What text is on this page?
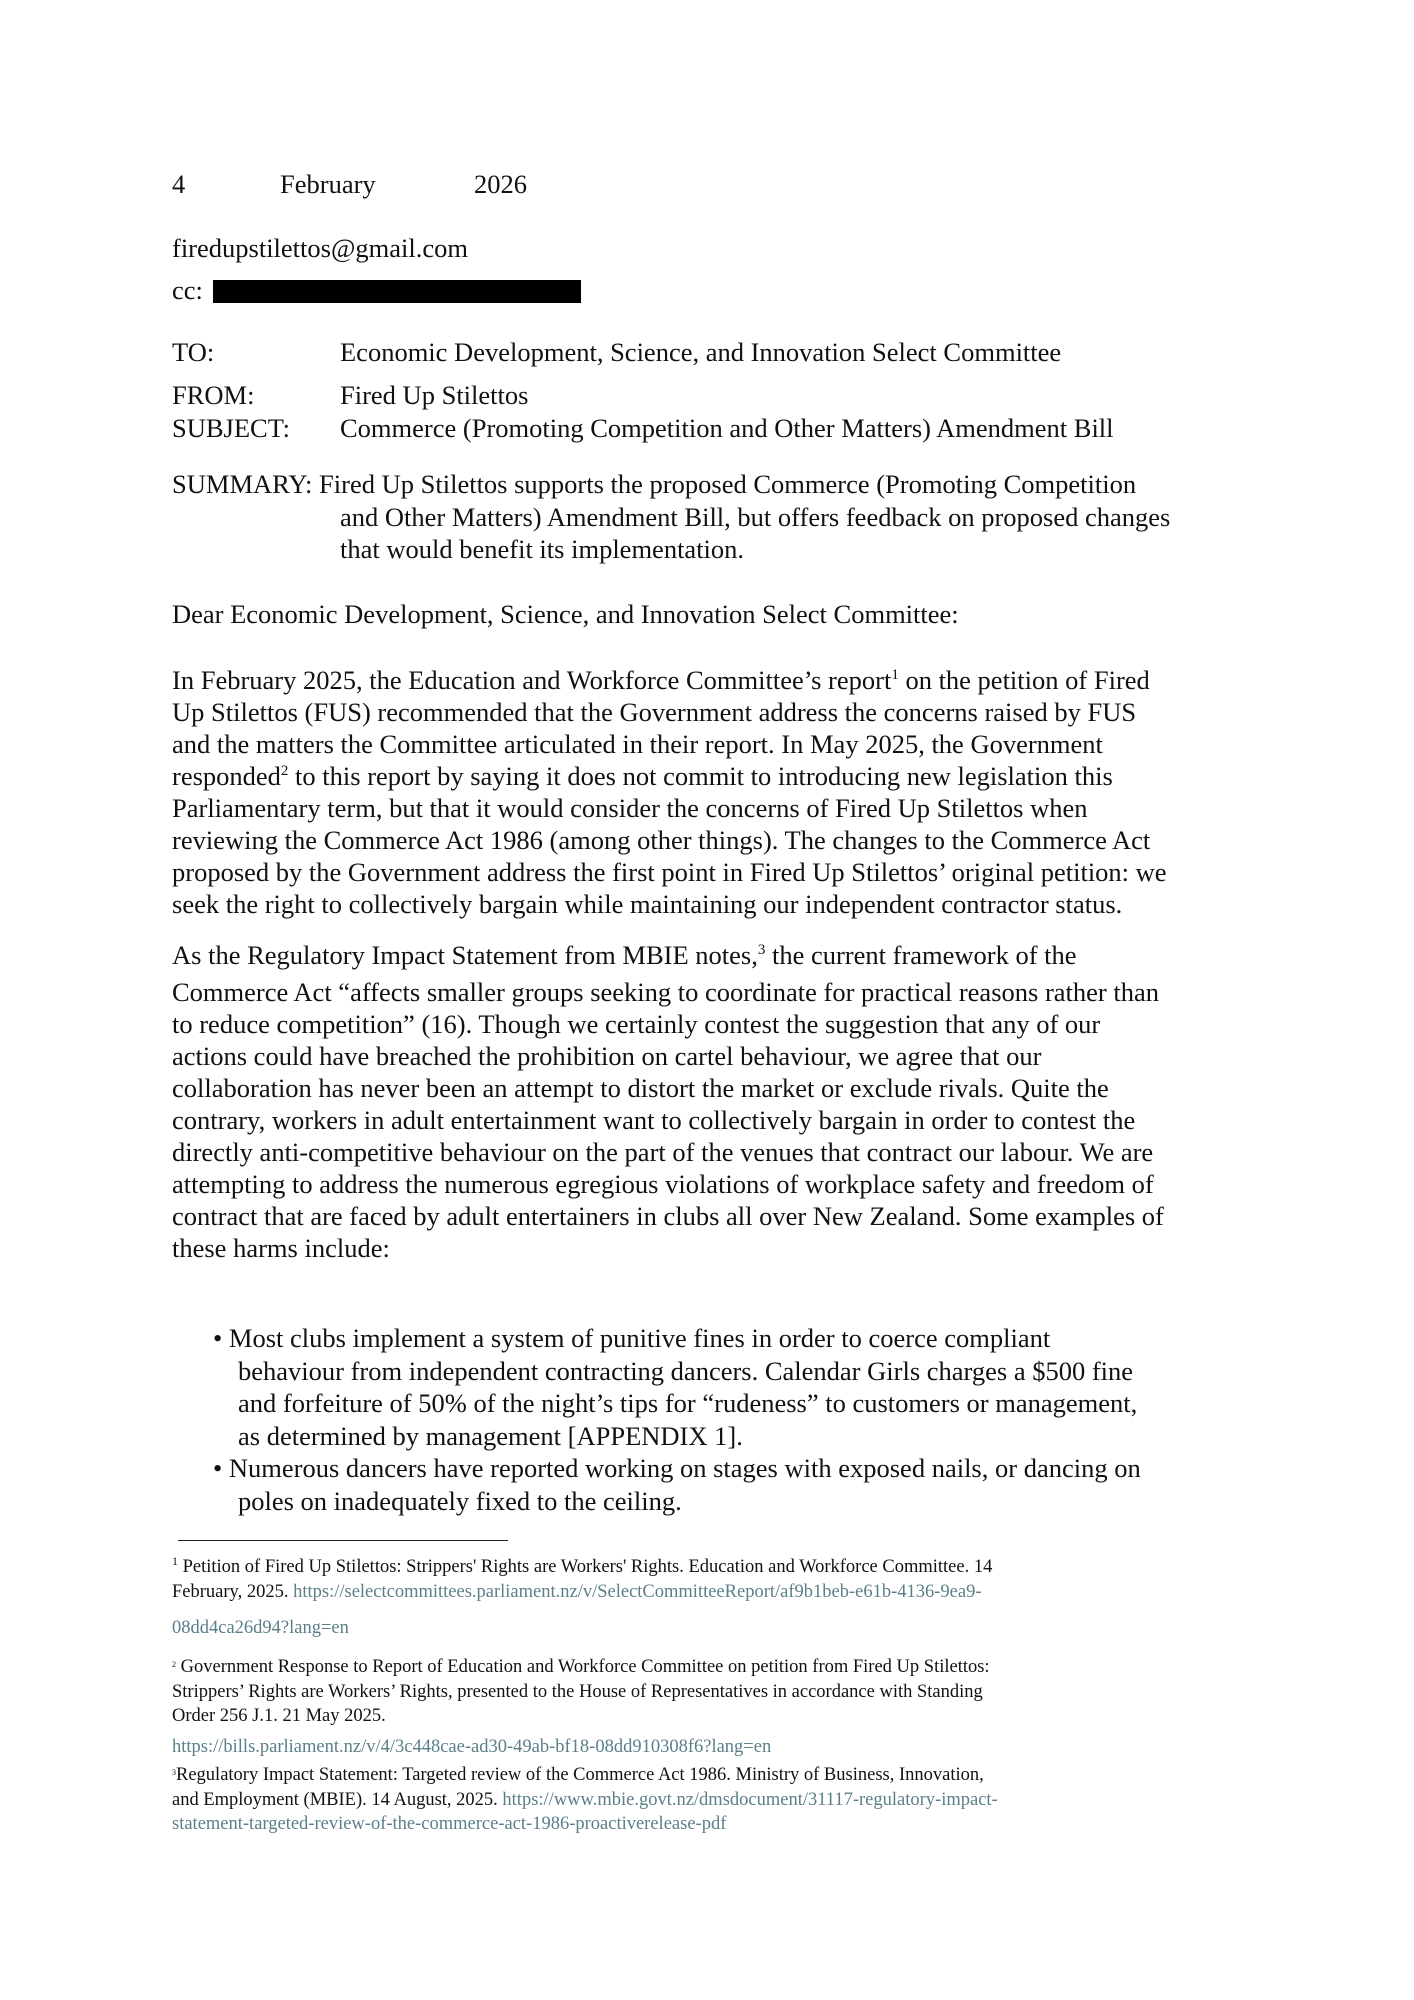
4	February	2026
firedupstilettos@gmail.com
cc:
TO:	Economic Development, Science, and Innovation Select Committee
FROM:	Fired Up Stilettos
SUBJECT: Commerce (Promoting Competition and Other Matters) Amendment Bill
SUMMARY: Fired Up Stilettos supports the proposed Commerce (Promoting Competition
and Other Matters) Amendment Bill, but offers feedback on proposed changes
that would benefit its implementation.
Dear Economic Development, Science, and Innovation Select Committee:
In February 2025, the Education and Workforce Committee’s report$^1$ on the petition of Fired
Up Stilettos (FUS) recommended that the Government address the concerns raised by FUS
and the matters the Committee articulated in their report. In May 2025, the Government
responded$^2$ to this report by saying it does not commit to introducing new legislation this
Parliamentary term, but that it would consider the concerns of Fired Up Stilettos when
reviewing the Commerce Act 1986 (among other things). The changes to the Commerce Act
proposed by the Government address the first point in Fired Up Stilettos’ original petition: we
seek the right to collectively bargain while maintaining our independent contractor status.
As the Regulatory Impact Statement from MBIE notes,$^3$ the current framework of the
Commerce Act “affects smaller groups seeking to coordinate for practical reasons rather than
to reduce competition” (16). Though we certainly contest the suggestion that any of our
actions could have breached the prohibition on cartel behaviour, we agree that our
collaboration has never been an attempt to distort the market or exclude rivals. Quite the
contrary, workers in adult entertainment want to collectively bargain in order to contest the
directly anti-competitive behaviour on the part of the venues that contract our labour. We are
attempting to address the numerous egregious violations of workplace safety and freedom of
contract that are faced by adult entertainers in clubs all over New Zealand. Some examples of
these harms include:
• Most clubs implement a system of punitive fines in order to coerce compliant
behaviour from independent contracting dancers. Calendar Girls charges a $500 fine
and forfeiture of 50% of the night’s tips for “rudeness” to customers or management,
as determined by management [APPENDIX 1].
• Numerous dancers have reported working on stages with exposed nails, or dancing on
poles on inadequately fixed to the ceiling.
$^1$ Petition of Fired Up Stilettos: Strippers' Rights are Workers' Rights. Education and Workforce Committee. 14
February, 2025. https://selectcommittees.parliament.nz/v/SelectCommitteeReport/af9b1beb-e61b-4136-9ea9-
08dd4ca26d94?lang=en
$^2$ Government Response to Report of Education and Workforce Committee on petition from Fired Up Stilettos:
Strippers’ Rights are Workers’ Rights, presented to the House of Representatives in accordance with Standing
Order 256 J.1. 21 May 2025.
https://bills.parliament.nz/v/4/3c448cae-ad30-49ab-bf18-08dd910308f6?lang=en
$^3$Regulatory Impact Statement: Targeted review of the Commerce Act 1986. Ministry of Business, Innovation,
and Employment (MBIE). 14 August, 2025. https://www.mbie.govt.nz/dmsdocument/31117-regulatory-impact-
statement-targeted-review-of-the-commerce-act-1986-proactiverelease-pdf
